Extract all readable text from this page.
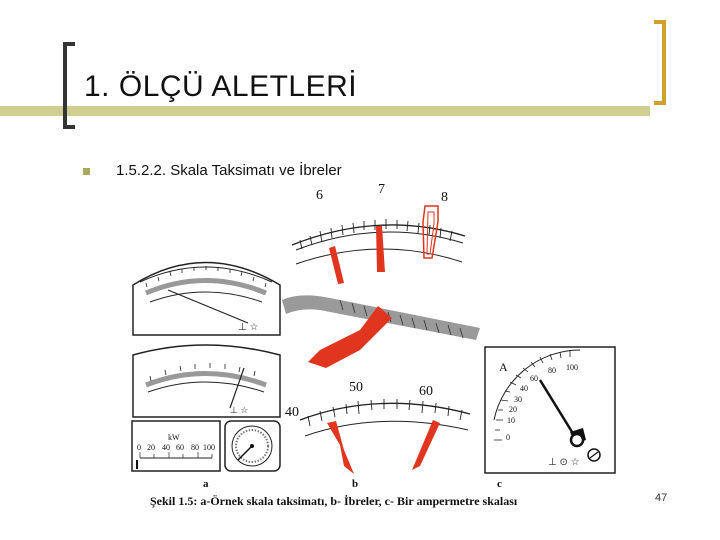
1. ÖLÇÜ ALETLERİ
1.5.2.2. Skala Taksimatı ve İbreler
⊥ ☆
⊥ ☆
⊥ ⊙ ☆
6	7
8
40
50	60
kW
0 20 40 60 80 100
A
0
10
20
30
40
60
80 100
a	b	c
Şekil 1.5: a-Örnek skala taksimatı, b- İbreler, c- Bir ampermetre skalası	47
